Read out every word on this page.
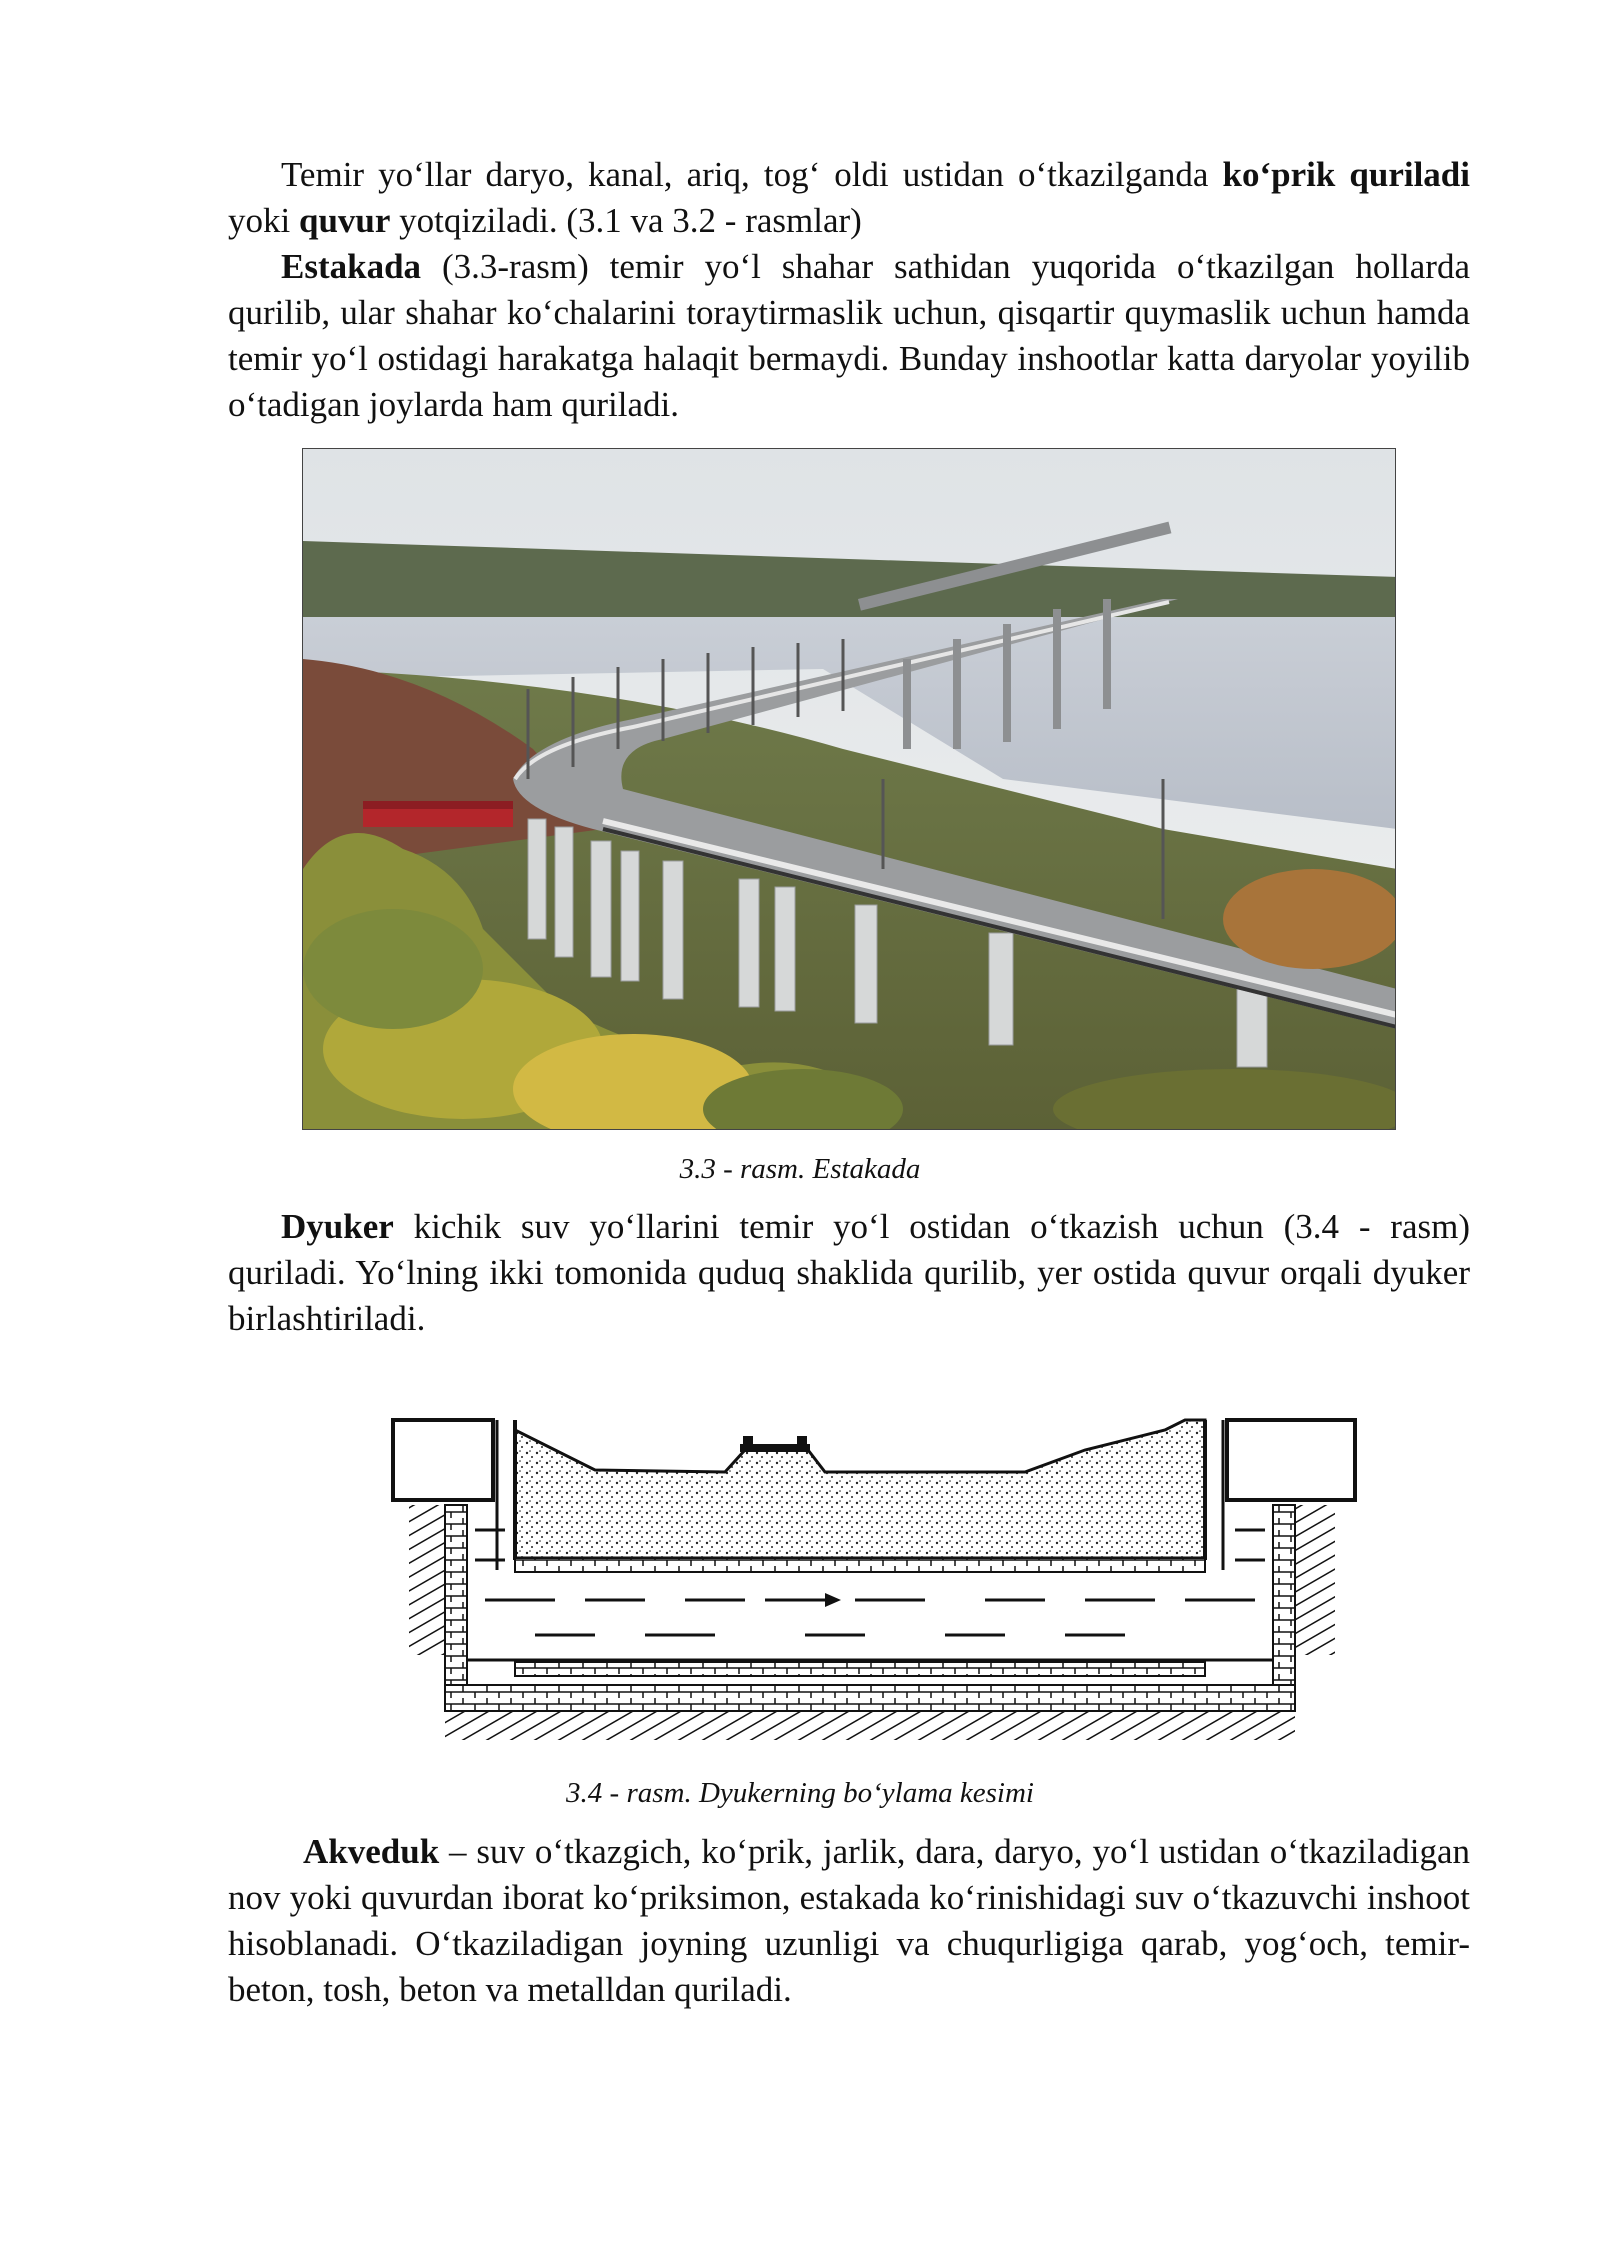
Temir yo‘llar daryo, kanal, ariq, tog‘ oldi ustidan o‘tkazilganda ko‘prik quriladi yoki quvur yotqiziladi. (3.1 va 3.2 - rasmlar)

Estakada (3.3-rasm) temir yo‘l shahar sathidan yuqorida o‘tkazilgan hollarda qurilib, ular shahar ko‘chalarini toraytirmaslik uchun, qisqartir quymaslik uchun hamda temir yo‘l ostidagi harakatga halaqit bermaydi. Bunday inshootlar katta daryolar yoyilib o‘tadigan joylarda ham quriladi.

3.3 - rasm. Estakada

Dyuker kichik suv yo‘llarini temir yo‘l ostidan o‘tkazish uchun (3.4 - rasm) quriladi. Yo‘lning ikki tomonida quduq shaklida qurilib, yer ostida quvur orqali dyuker birlashtiriladi.

3.4 - rasm. Dyukerning bo‘ylama kesimi

Akveduk – suv o‘tkazgich, ko‘prik, jarlik, dara, daryo, yo‘l ustidan o‘tkaziladigan nov yoki quvurdan iborat ko‘priksimon, estakada ko‘rinishidagi suv o‘tkazuvchi inshoot hisoblanadi. O‘tkaziladigan joyning uzunligi va chuqurligiga qarab, yog‘och, temir-beton, tosh, beton va metalldan quriladi.
